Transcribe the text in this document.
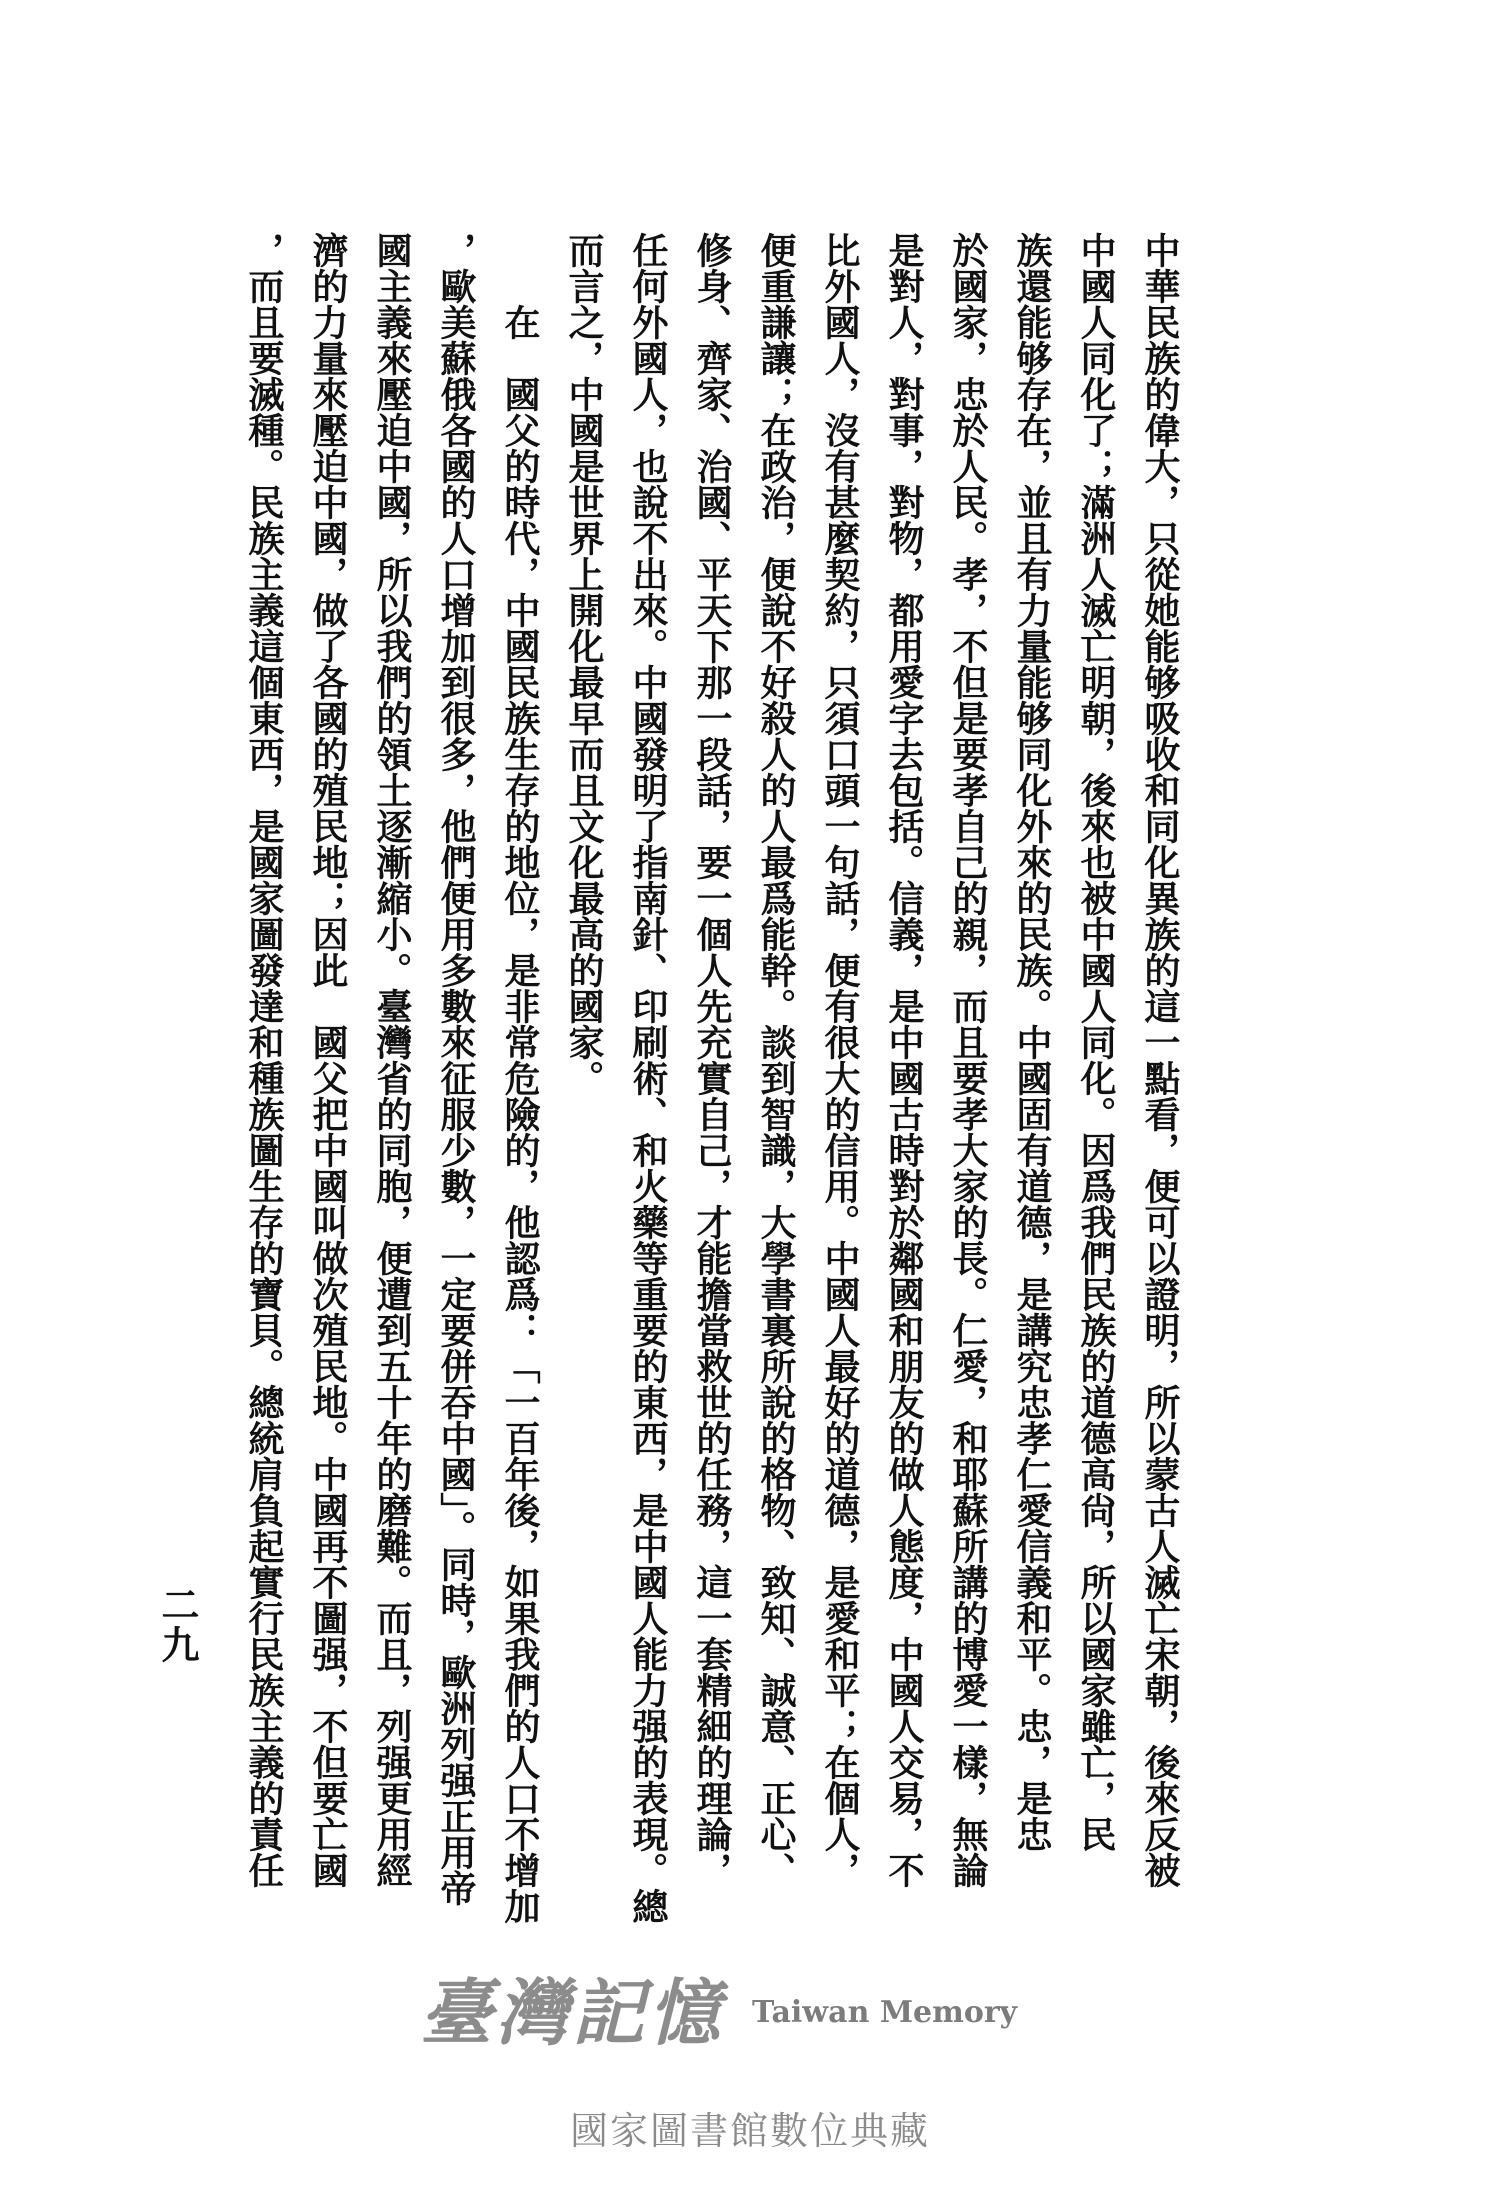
中華民族的偉大，只從她能够吸收和同化異族的這一點看，便可以證明，所以蒙古人滅亡宋朝，後來反被
中國人同化了；滿洲人滅亡明朝，後來也被中國人同化。因爲我們民族的道德高尙，所以國家雖亡，民
族還能够存在，並且有力量能够同化外來的民族。中國固有道德，是講究忠孝仁愛信義和平。忠，是忠
於國家，忠於人民。孝，不但是要孝自己的親，而且要孝大家的長。仁愛，和耶蘇所講的博愛一樣，無論
是對人，對事，對物，都用愛字去包括。信義，是中國古時對於鄰國和朋友的做人態度，中國人交易，不
比外國人，沒有甚麼契約，只須口頭一句話，便有很大的信用。中國人最好的道德，是愛和平；在個人，
便重謙讓；在政治，便說不好殺人的人最爲能幹。談到智識，大學書裏所說的格物、致知、誠意、正心、
修身、齊家、治國、平天下那一段話，要一個人先充實自己，才能擔當救世的任務，這一套精細的理論，
任何外國人，也說不出來。中國發明了指南針、印刷術、和火藥等重要的東西，是中國人能力强的表現。總
而言之，中國是世界上開化最早而且文化最高的國家。
在　國父的時代，中國民族生存的地位，是非常危險的，他認爲：「一百年後，如果我們的人口不增加
，歐美蘇俄各國的人口增加到很多，他們便用多數來征服少數，一定要併吞中國」。同時，歐洲列强正用帝
國主義來壓迫中國，所以我們的領土逐漸縮小。臺灣省的同胞，便遭到五十年的磨難。而且，列强更用經
濟的力量來壓迫中國，做了各國的殖民地；因此　國父把中國叫做次殖民地。中國再不圖强，不但要亡國
，而且要滅種。民族主義這個東西，是國家圖發達和種族圖生存的寶貝。總統肩負起實行民族主義的責任
二九
臺灣記憶 Taiwan Memory
國家圖書館數位典藏
